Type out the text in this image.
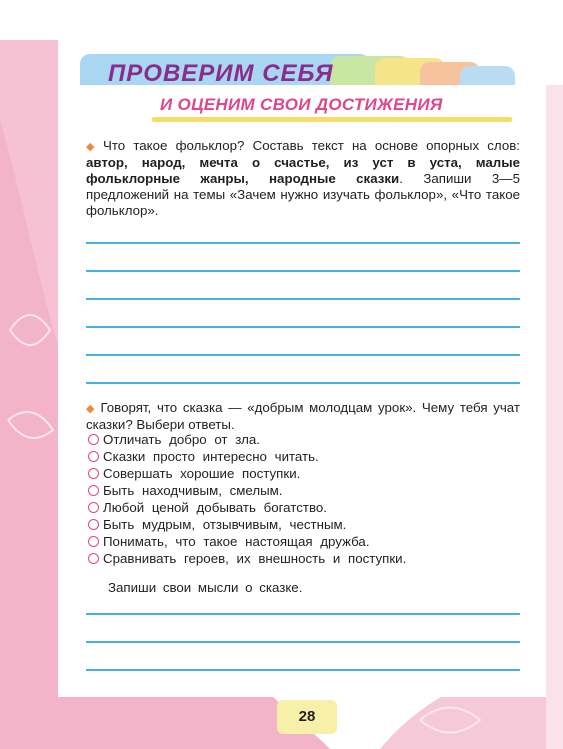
ПРОВЕРИМ СЕБЯ
И ОЦЕНИМ СВОИ ДОСТИЖЕНИЯ
◆ Что такое фольклор? Составь текст на основе опорных слов: автор, народ, мечта о счастье, из уст в уста, малые фольклорные жанры, народные сказки. Запиши 3—5 предложений на темы «Зачем нужно изучать фольклор», «Что такое фольклор».
◆ Говорят, что сказка — «добрым молодцам урок». Чему тебя учат сказки? Выбери ответы.
Отличать добро от зла.
Сказки просто интересно читать.
Совершать хорошие поступки.
Быть находчивым, смелым.
Любой ценой добывать богатство.
Быть мудрым, отзывчивым, честным.
Понимать, что такое настоящая дружба.
Сравнивать героев, их внешность и поступки.
Запиши свои мысли о сказке.
28
